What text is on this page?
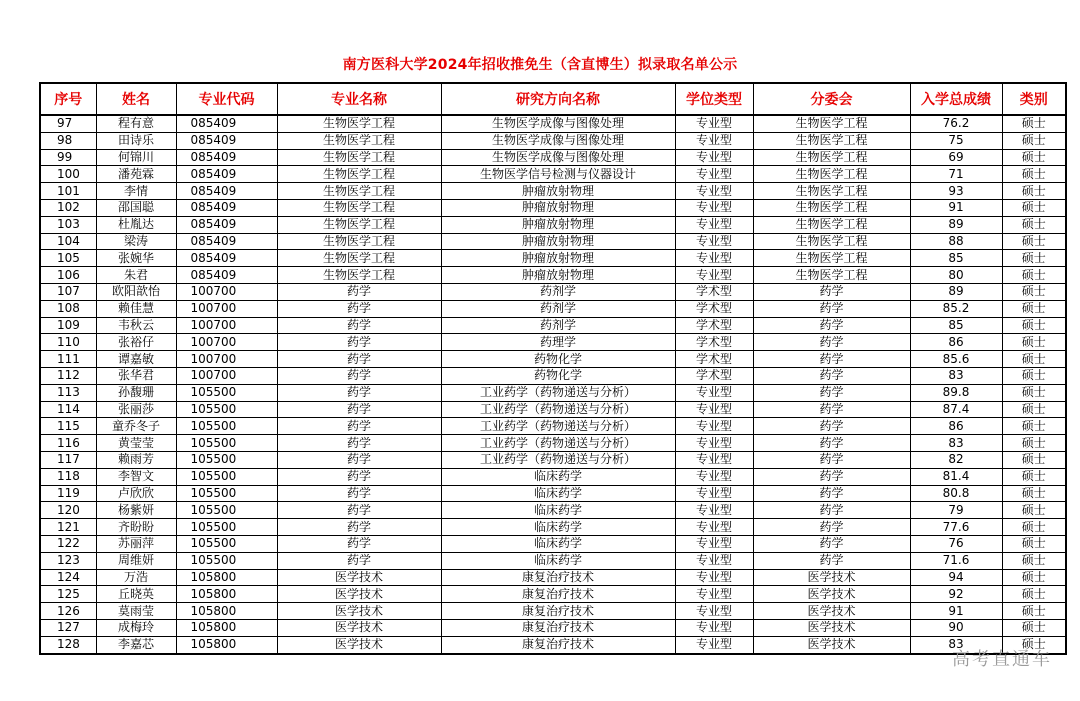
南方医科大学2024年招收推免生（含直博生）拟录取名单公示
序号	姓名	专业代码	专业名称	研究方向名称	学位类型	分委会	入学总成绩	类别
97	程有意	085409	生物医学工程	生物医学成像与图像处理	专业型	生物医学工程	76.2	硕士
98	田诗乐	085409	生物医学工程	生物医学成像与图像处理	专业型	生物医学工程	75	硕士
99	何锦川	085409	生物医学工程	生物医学成像与图像处理	专业型	生物医学工程	69	硕士
100	潘苑霖	085409	生物医学工程	生物医学信号检测与仪器设计	专业型	生物医学工程	71	硕士
101	李情	085409	生物医学工程	肿瘤放射物理	专业型	生物医学工程	93	硕士
102	邵国聪	085409	生物医学工程	肿瘤放射物理	专业型	生物医学工程	91	硕士
103	杜胤达	085409	生物医学工程	肿瘤放射物理	专业型	生物医学工程	89	硕士
104	梁涛	085409	生物医学工程	肿瘤放射物理	专业型	生物医学工程	88	硕士
105	张婉华	085409	生物医学工程	肿瘤放射物理	专业型	生物医学工程	85	硕士
106	朱君	085409	生物医学工程	肿瘤放射物理	专业型	生物医学工程	80	硕士
107	欧阳歆怡	100700	药学	药剂学	学术型	药学	89	硕士
108	赖佳慧	100700	药学	药剂学	学术型	药学	85.2	硕士
109	韦秋云	100700	药学	药剂学	学术型	药学	85	硕士
110	张裕仔	100700	药学	药理学	学术型	药学	86	硕士
111	谭嘉敏	100700	药学	药物化学	学术型	药学	85.6	硕士
112	张华君	100700	药学	药物化学	学术型	药学	83	硕士
113	孙馥珊	105500	药学	工业药学（药物递送与分析）	专业型	药学	89.8	硕士
114	张丽莎	105500	药学	工业药学（药物递送与分析）	专业型	药学	87.4	硕士
115	童乔冬子	105500	药学	工业药学（药物递送与分析）	专业型	药学	86	硕士
116	黄莹莹	105500	药学	工业药学（药物递送与分析）	专业型	药学	83	硕士
117	赖雨芳	105500	药学	工业药学（药物递送与分析）	专业型	药学	82	硕士
118	李智文	105500	药学	临床药学	专业型	药学	81.4	硕士
119	卢欣欣	105500	药学	临床药学	专业型	药学	80.8	硕士
120	杨紫妍	105500	药学	临床药学	专业型	药学	79	硕士
121	齐盼盼	105500	药学	临床药学	专业型	药学	77.6	硕士
122	苏丽萍	105500	药学	临床药学	专业型	药学	76	硕士
123	周维妍	105500	药学	临床药学	专业型	药学	71.6	硕士
124	万浩	105800	医学技术	康复治疗技术	专业型	医学技术	94	硕士
125	丘晓英	105800	医学技术	康复治疗技术	专业型	医学技术	92	硕士
126	莫雨莹	105800	医学技术	康复治疗技术	专业型	医学技术	91	硕士
127	成梅玲	105800	医学技术	康复治疗技术	专业型	医学技术	90	硕士
128	李嘉芯	105800	医学技术	康复治疗技术	专业型	医学技术	83	硕士
高考直通车
